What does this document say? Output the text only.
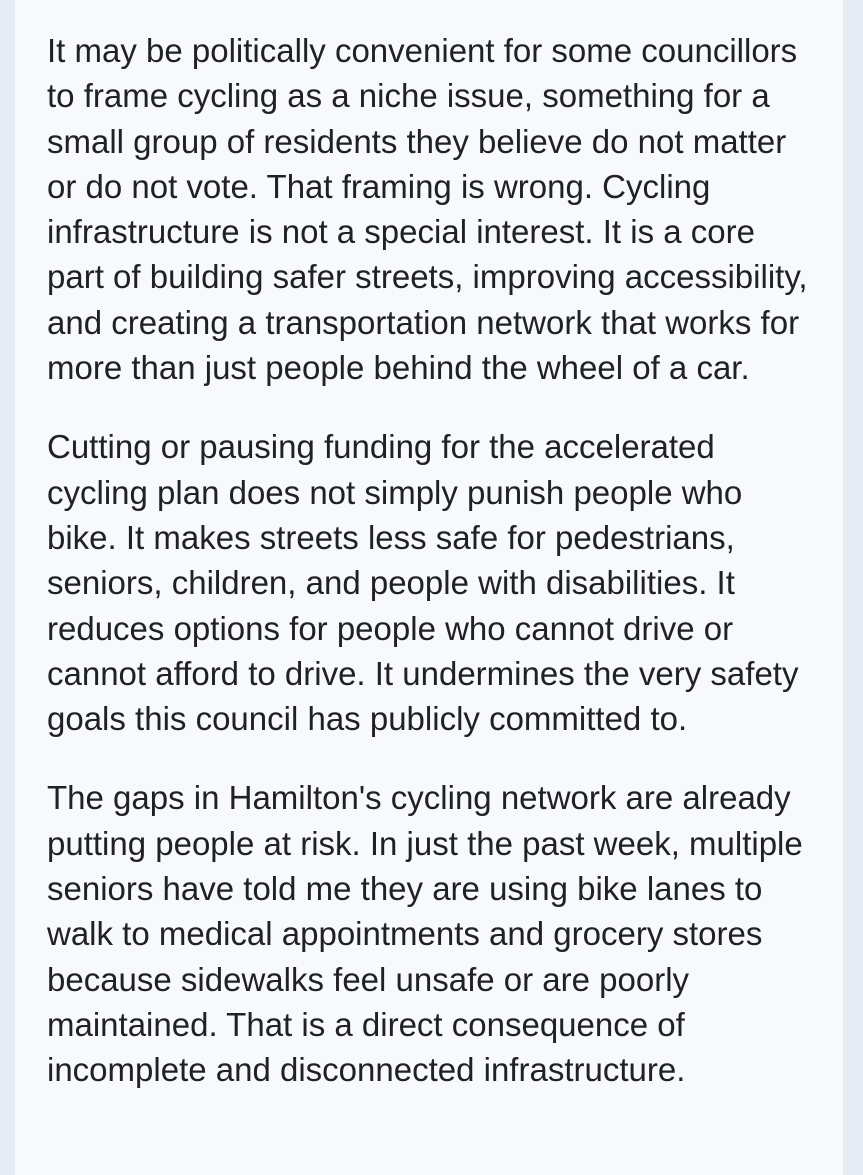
It may be politically convenient for some councillors to frame cycling as a niche issue, something for a small group of residents they believe do not matter or do not vote. That framing is wrong. Cycling infrastructure is not a special interest. It is a core part of building safer streets, improving accessibility, and creating a transportation network that works for more than just people behind the wheel of a car.

Cutting or pausing funding for the accelerated cycling plan does not simply punish people who bike. It makes streets less safe for pedestrians, seniors, children, and people with disabilities. It reduces options for people who cannot drive or cannot afford to drive. It undermines the very safety goals this council has publicly committed to.

The gaps in Hamilton's cycling network are already putting people at risk. In just the past week, multiple seniors have told me they are using bike lanes to walk to medical appointments and grocery stores because sidewalks feel unsafe or are poorly maintained. That is a direct consequence of incomplete and disconnected infrastructure.
